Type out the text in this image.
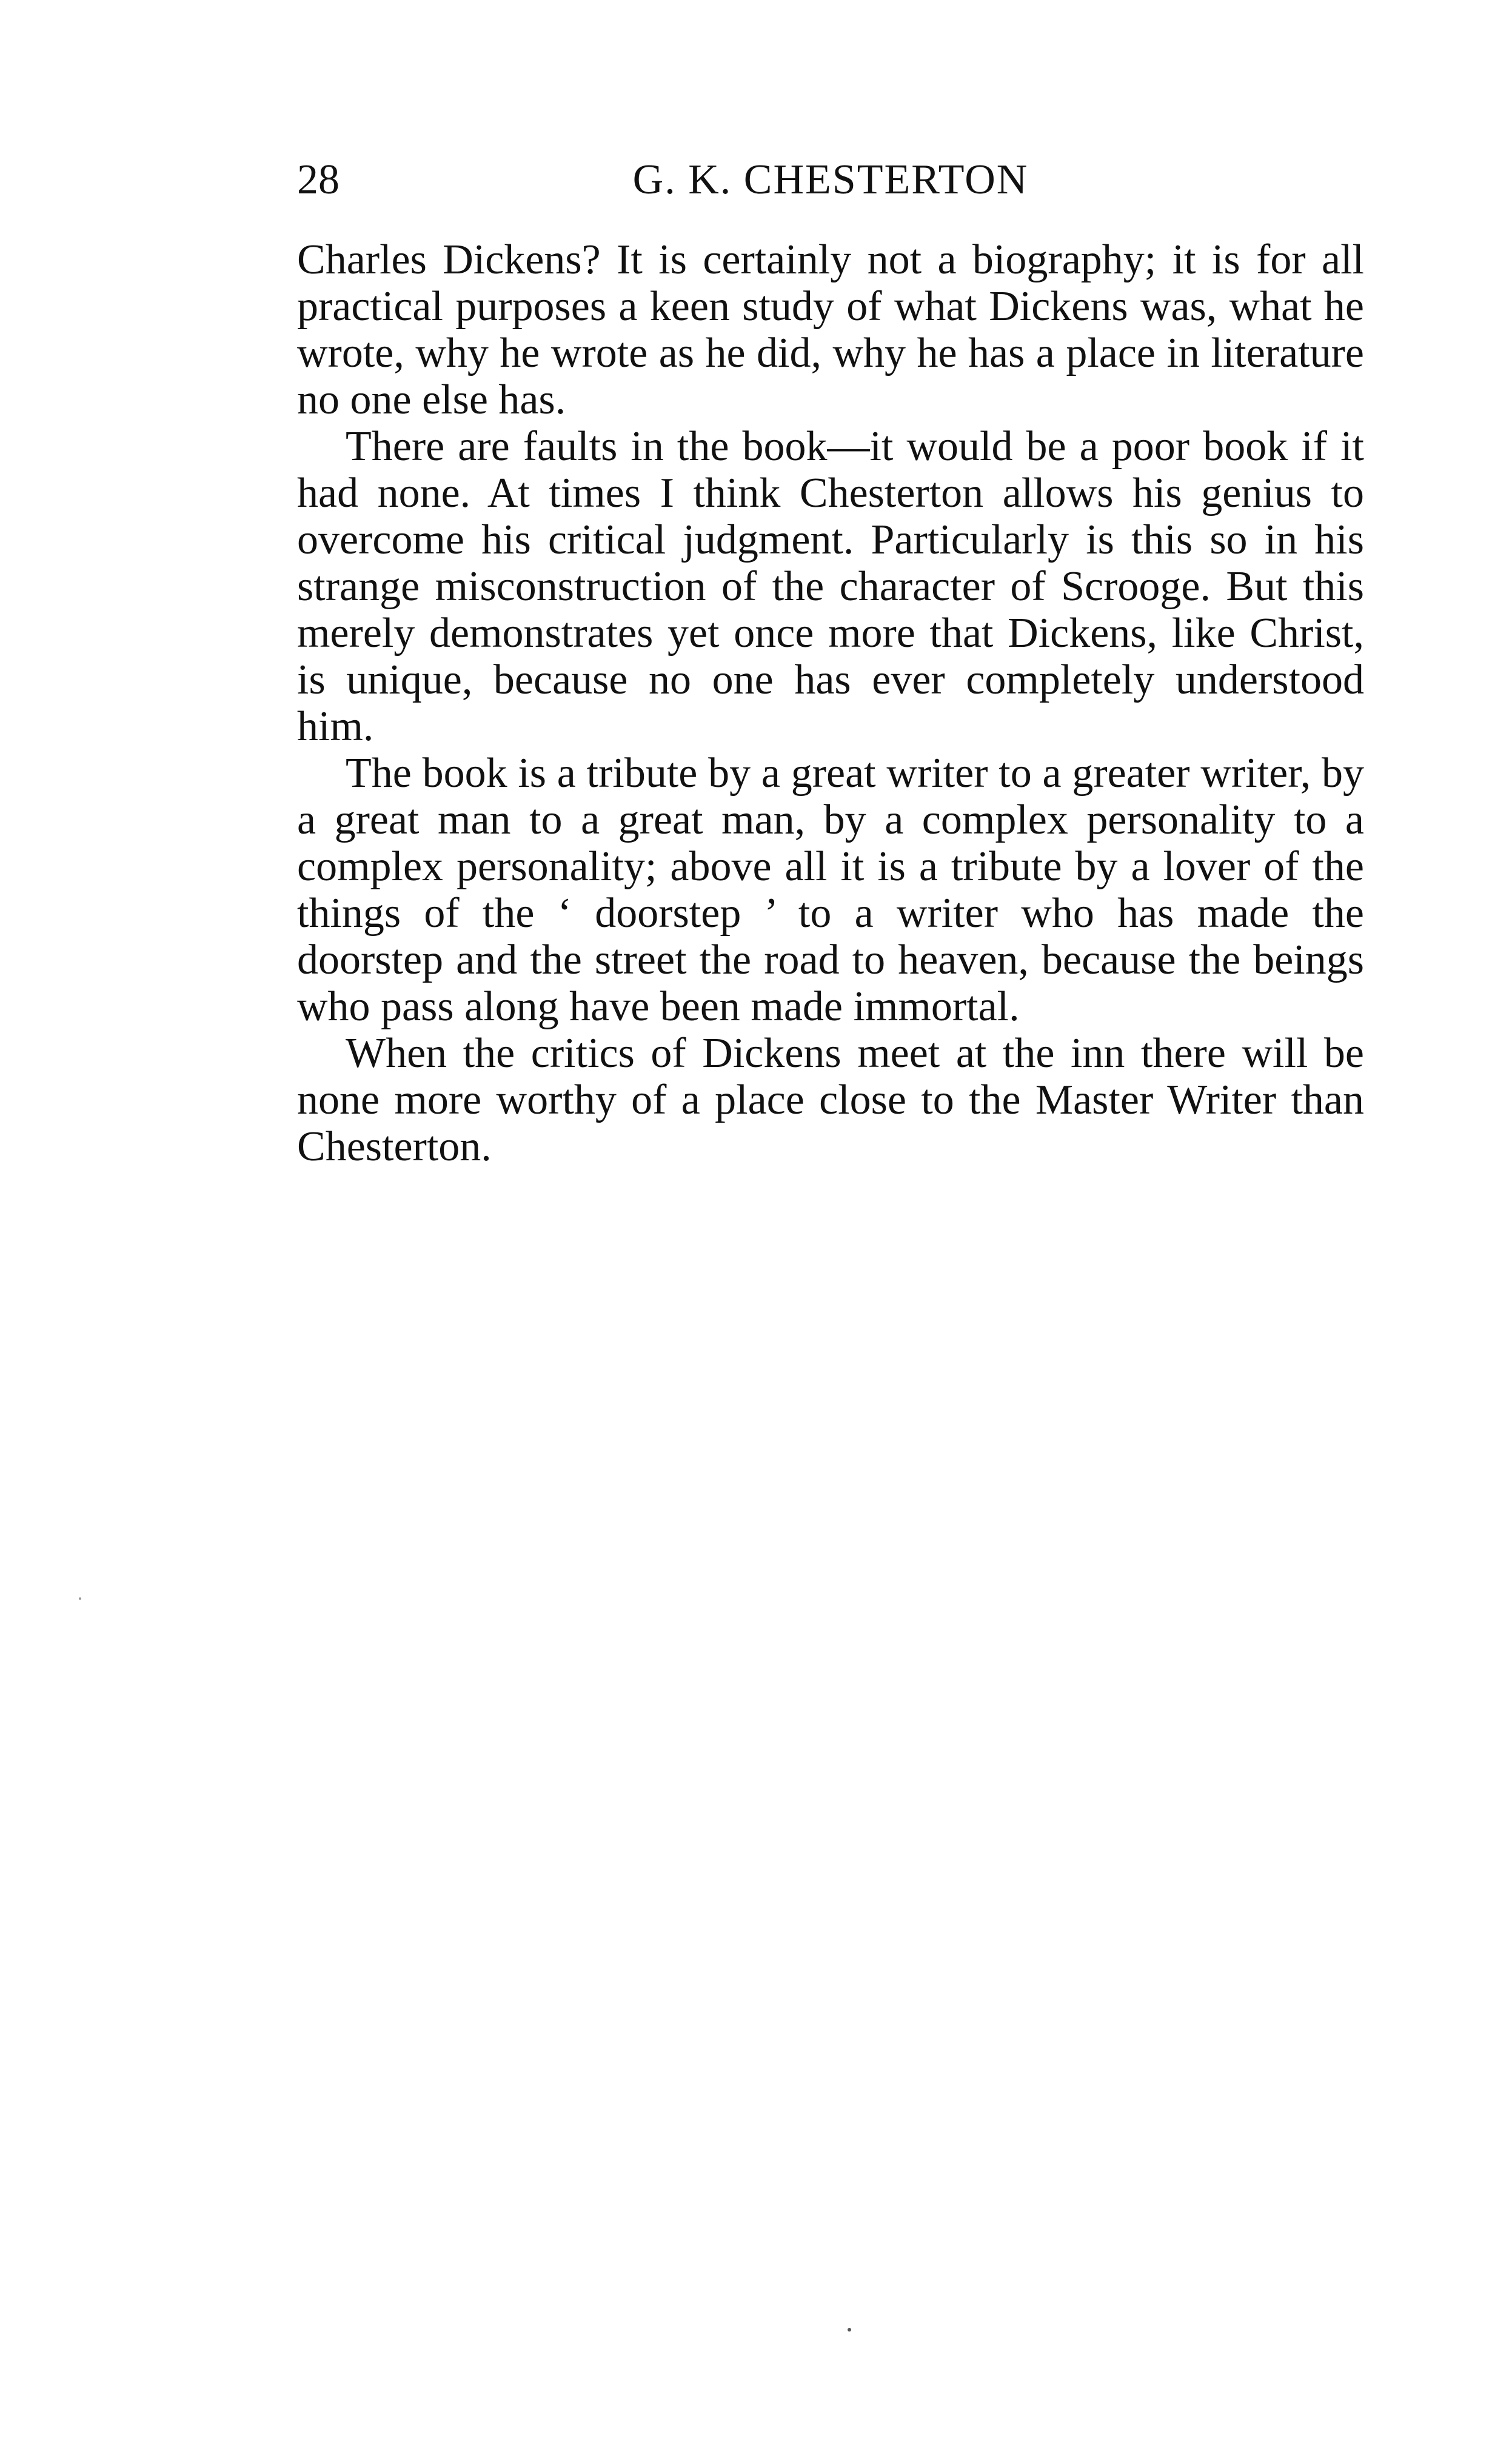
28	G. K. CHESTERTON

Charles Dickens? It is certainly not a biography; it is for all practical purposes a keen study of what Dickens was, what he wrote, why he wrote as he did, why he has a place in literature no one else has.

There are faults in the book—it would be a poor book if it had none. At times I think Chesterton allows his genius to overcome his critical judgment. Particularly is this so in his strange misconstruction of the character of Scrooge. But this merely demonstrates yet once more that Dickens, like Christ, is unique, because no one has ever completely understood him.

The book is a tribute by a great writer to a greater writer, by a great man to a great man, by a complex personality to a complex personality; above all it is a tribute by a lover of the things of the ‘ doorstep ’ to a writer who has made the doorstep and the street the road to heaven, because the beings who pass along have been made immortal.

When the critics of Dickens meet at the inn there will be none more worthy of a place close to the Master Writer than Chesterton.
